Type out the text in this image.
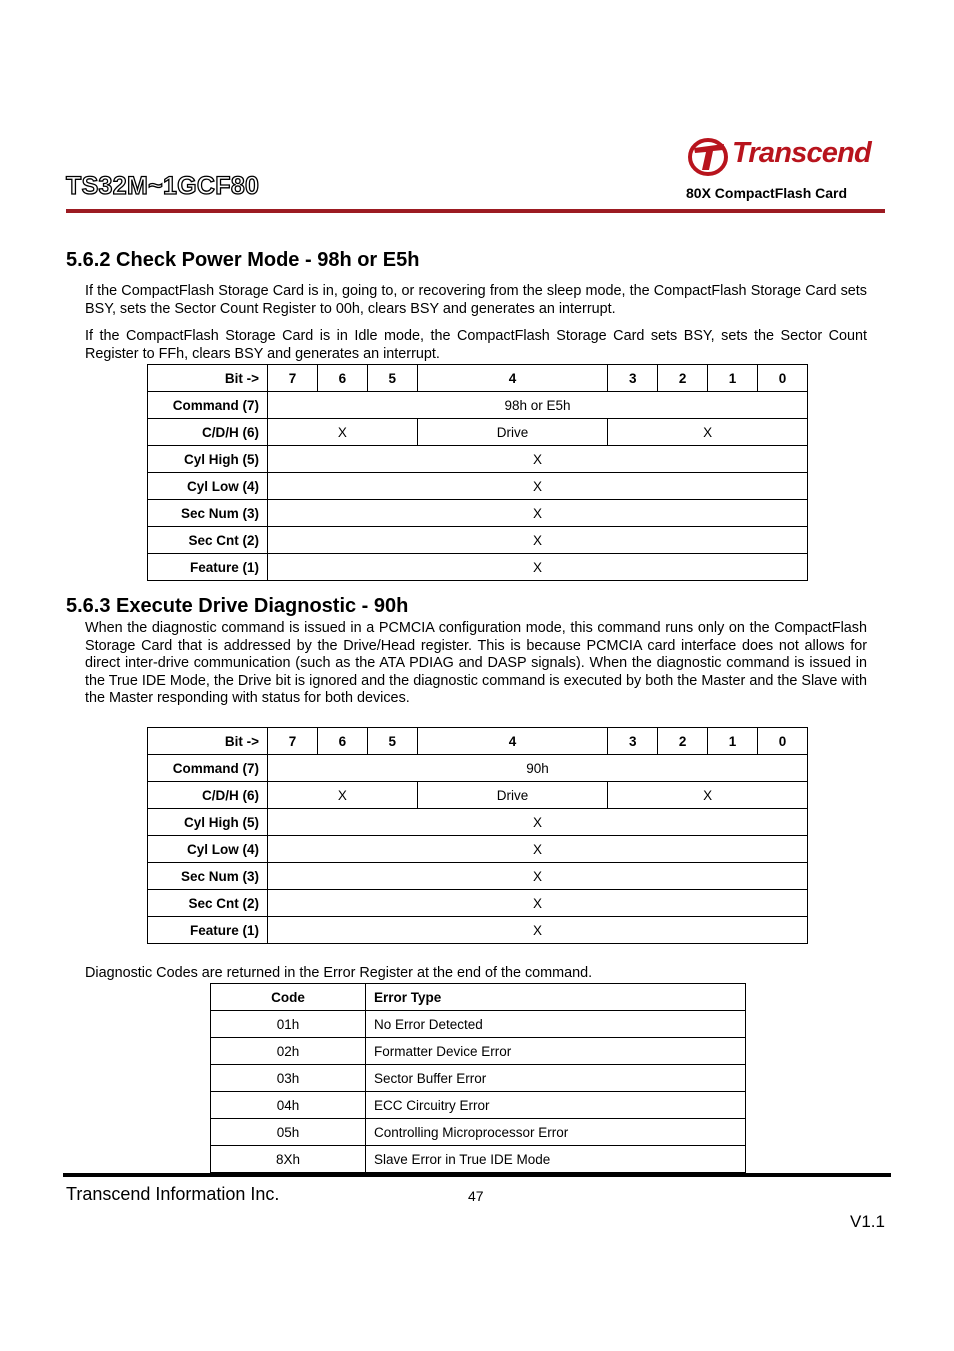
TS32M~1GCF80
Transcend
80X CompactFlash Card
5.6.2 Check Power Mode - 98h or E5h
If the CompactFlash Storage Card is in, going to, or recovering from the sleep mode, the CompactFlash Storage Card sets BSY, sets the Sector Count Register to 00h, clears BSY and generates an interrupt.
If the CompactFlash Storage Card is in Idle mode, the CompactFlash Storage Card sets BSY, sets the Sector Count Register to FFh, clears BSY and generates an interrupt.
Bit ->	7	6	5	4	3	2	1	0
Command (7)	98h or E5h							
C/D/H (6)	X			Drive	X			
Cyl High (5)	X							
Cyl Low (4)	X							
Sec Num (3)	X							
Sec Cnt (2)	X							
Feature (1)	X							
5.6.3 Execute Drive Diagnostic - 90h
When the diagnostic command is issued in a PCMCIA configuration mode, this command runs only on the CompactFlash Storage Card that is addressed by the Drive/Head register. This is because PCMCIA card interface does not allows for direct inter-drive communication (such as the ATA PDIAG and DASP signals). When the diagnostic command is issued in the True IDE Mode, the Drive bit is ignored and the diagnostic command is executed by both the Master and the Slave with the Master responding with status for both devices.
Bit ->	7	6	5	4	3	2	1	0
Command (7)	90h							
C/D/H (6)	X			Drive	X			
Cyl High (5)	X							
Cyl Low (4)	X							
Sec Num (3)	X							
Sec Cnt (2)	X							
Feature (1)	X							
Diagnostic Codes are returned in the Error Register at the end of the command.
Code	Error Type
01h	No Error Detected
02h	Formatter Device Error
03h	Sector Buffer Error
04h	ECC Circuitry Error
05h	Controlling Microprocessor Error
8Xh	Slave Error in True IDE Mode
Transcend Information Inc.	47
V1.1
